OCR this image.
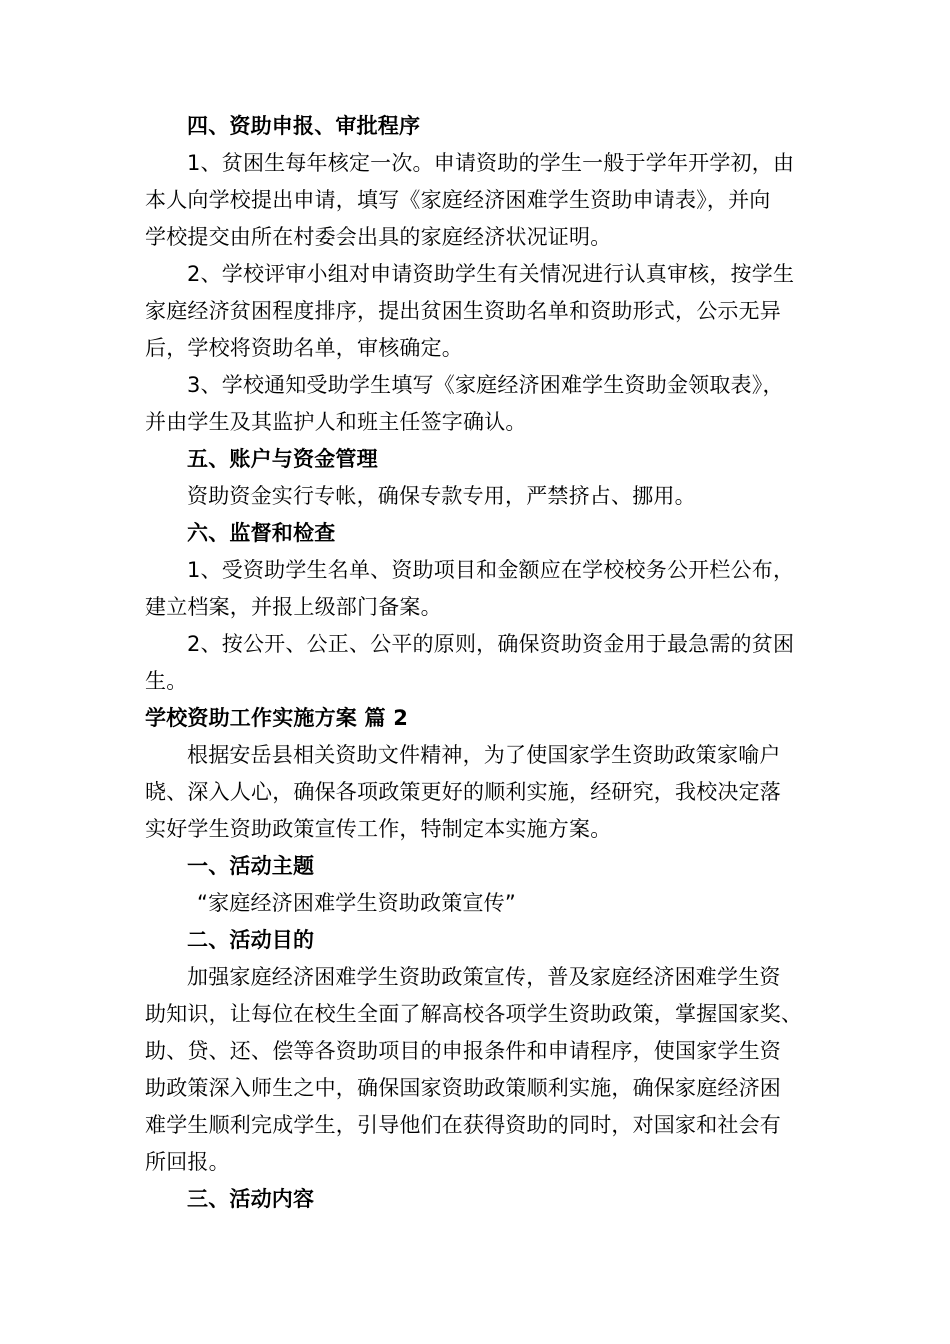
四、资助申报、审批程序
1、贫困生每年核定一次。申请资助的学生一般于学年开学初，由
本人向学校提出申请，填写《家庭经济困难学生资助申请表》，并向
学校提交由所在村委会出具的家庭经济状况证明。
2、学校评审小组对申请资助学生有关情况进行认真审核，按学生
家庭经济贫困程度排序，提出贫困生资助名单和资助形式，公示无异
后，学校将资助名单，审核确定。
3、学校通知受助学生填写《家庭经济困难学生资助金领取表》，
并由学生及其监护人和班主任签字确认。
五、账户与资金管理
资助资金实行专帐，确保专款专用，严禁挤占、挪用。
六、监督和检查
1、受资助学生名单、资助项目和金额应在学校校务公开栏公布，
建立档案，并报上级部门备案。
2、按公开、公正、公平的原则，确保资助资金用于最急需的贫困
生。
学校资助工作实施方案 篇 2
根据安岳县相关资助文件精神，为了使国家学生资助政策家喻户
晓、深入人心，确保各项政策更好的顺利实施，经研究，我校决定落
实好学生资助政策宣传工作，特制定本实施方案。
一、活动主题
“家庭经济困难学生资助政策宣传”
二、活动目的
加强家庭经济困难学生资助政策宣传，普及家庭经济困难学生资
助知识，让每位在校生全面了解高校各项学生资助政策，掌握国家奖、
助、贷、还、偿等各资助项目的申报条件和申请程序，使国家学生资
助政策深入师生之中，确保国家资助政策顺利实施，确保家庭经济困
难学生顺利完成学生，引导他们在获得资助的同时，对国家和社会有
所回报。
三、活动内容
